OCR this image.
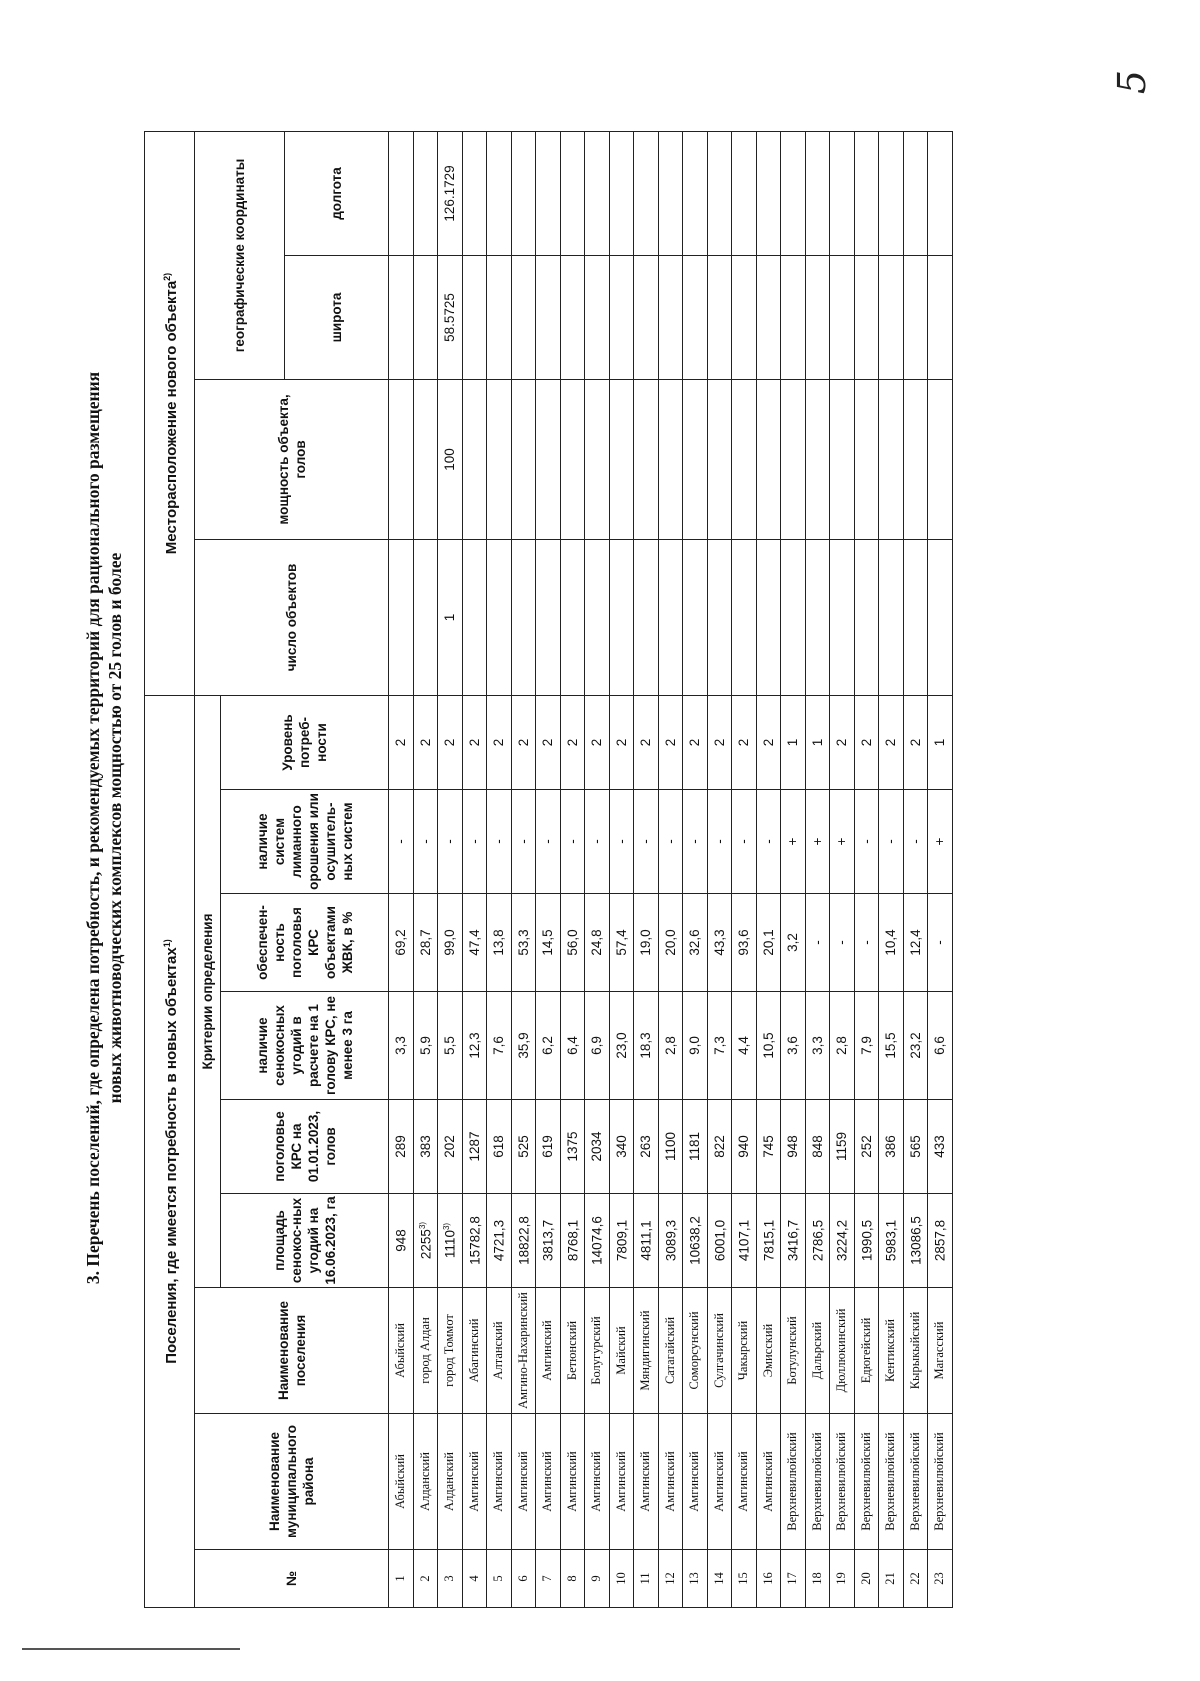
5
3. Перечень поселений, где определена потребность, и рекомендуемых территорий для рационального размещения новых животноводческих комплексов мощностью от 25 голов и более
Поселения, где имеется потребность в новых объектах$^{1)}$									Месторасположение нового объекта$^{2)}$
№	Наименование муниципального района	Наименование поселения	Критерии определения						число объектов	мощность объекта, голов	географические координаты	
			площадь сенокос-ных угодий на 16.06.2023, га	поголовье КРС на 01.01.2023, голов	наличие сенокосных угодий в расчете на 1 голову КРС, не менее 3 га	обеспечен-ность поголовья КРС объектами ЖВК, в %	наличие систем лиманного орошения или осушитель-ных систем	Уровень потреб-ности				
											широта	долгота
1	Абыйский	Абыйский	948	289	3,3	69,2	-	2				
2	Алданский	город Алдан	2255$^{3)}$	383	5,9	28,7	-	2				
3	Алданский	город Томмот	1110$^{3)}$	202	5,5	99,0	-	2	1	100	58.5725	126.1729
4	Амгинский	Абагинский	15782,8	1287	12,3	47,4	-	2				
5	Амгинский	Алтанский	4721,3	618	7,6	13,8	-	2				
6	Амгинский	Амгино-Нахаринский	18822,8	525	35,9	53,3	-	2				
7	Амгинский	Амгинский	3813,7	619	6,2	14,5	-	2				
8	Амгинский	Бетюнский	8768,1	1375	6,4	56,0	-	2				
9	Амгинский	Болугурский	14074,6	2034	6,9	24,8	-	2				
10	Амгинский	Майский	7809,1	340	23,0	57,4	-	2				
11	Амгинский	Мяндигинский	4811,1	263	18,3	19,0	-	2				
12	Амгинский	Сатагайский	3089,3	1100	2,8	20,0	-	2				
13	Амгинский	Соморсунский	10638,2	1181	9,0	32,6	-	2				
14	Амгинский	Сулгачинский	6001,0	822	7,3	43,3	-	2				
15	Амгинский	Чакырский	4107,1	940	4,4	93,6	-	2				
16	Амгинский	Эмисский	7815,1	745	10,5	20,1	-	2				
17	Верхневилюйский	Ботулунский	3416,7	948	3,6	3,2	+	1				
18	Верхневилюйский	Дальрский	2786,5	848	3,3	-	+	1				
19	Верхневилюйский	Дюллюкинский	3224,2	1159	2,8	-	+	2				
20	Верхневилюйский	Едюгейский	1990,5	252	7,9	-	-	2				
21	Верхневилюйский	Кентикский	5983,1	386	15,5	10,4	-	2				
22	Верхневилюйский	Кырыкыйский	13086,5	565	23,2	12,4	-	2				
23	Верхневилюйский	Магасский	2857,8	433	6,6	-	+	1				
